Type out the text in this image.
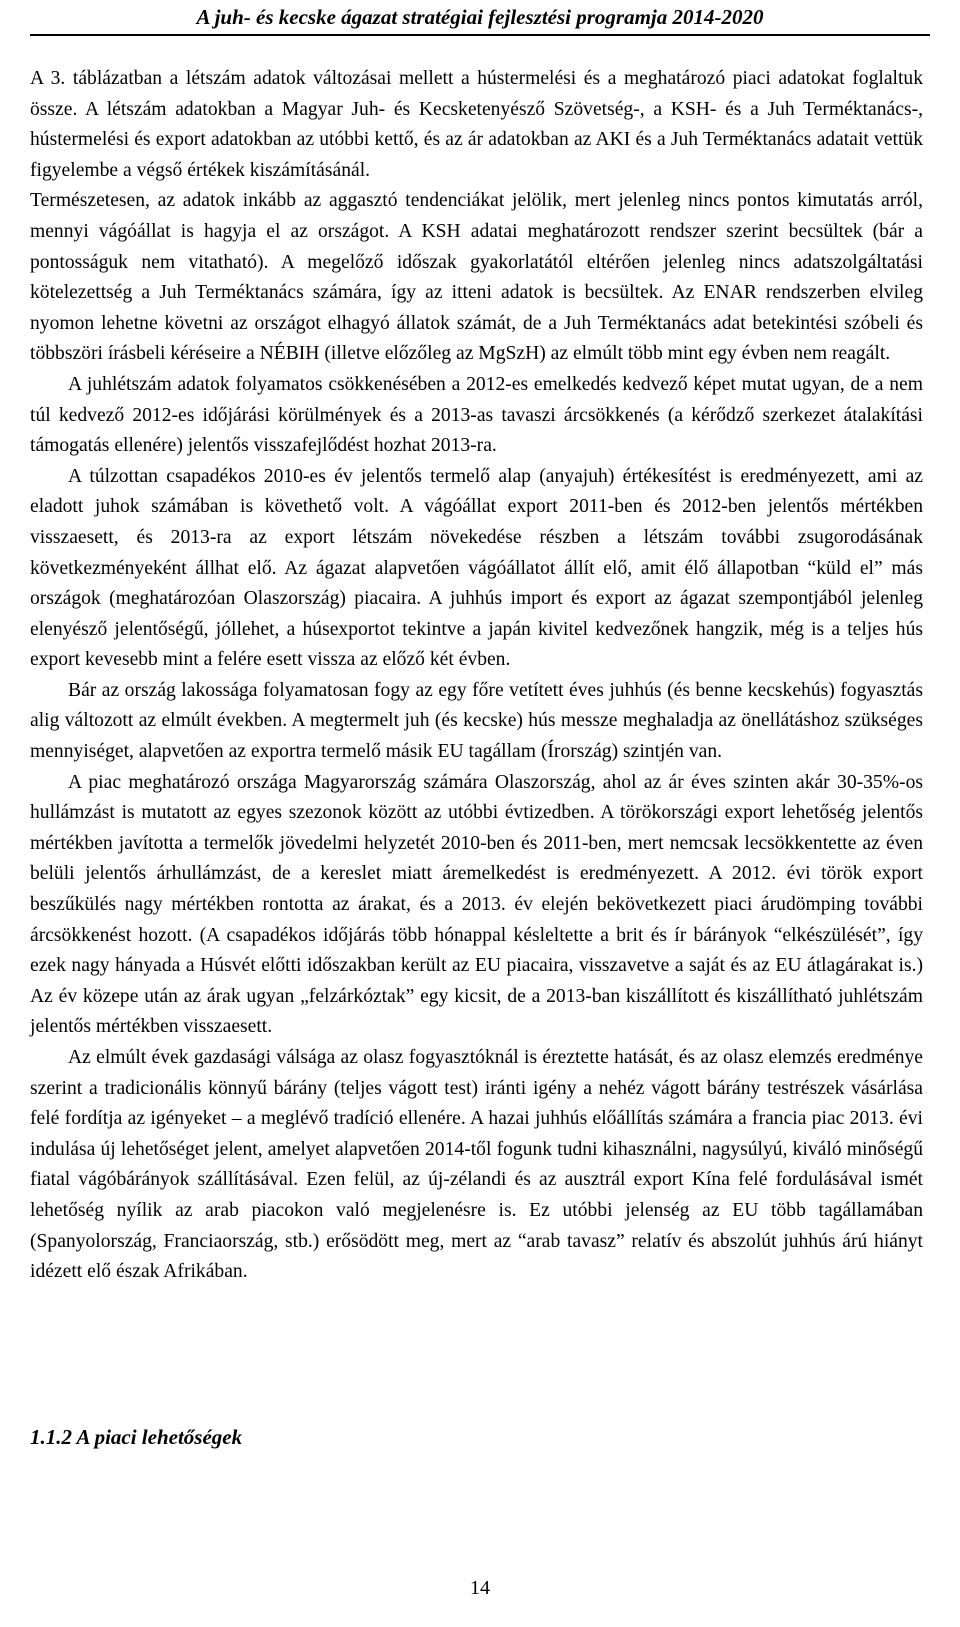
A juh- és kecske ágazat stratégiai fejlesztési programja 2014-2020

A 3. táblázatban a létszám adatok változásai mellett a hústermelési és a meghatározó piaci adatokat foglaltuk össze. A létszám adatokban a Magyar Juh- és Kecsketenyésző Szövetség-, a KSH- és a Juh Terméktanács-, hústermelési és export adatokban az utóbbi kettő, és az ár adatokban az AKI és a Juh Terméktanács adatait vettük figyelembe a végső értékek kiszámításánál.

Természetesen, az adatok inkább az aggasztó tendenciákat jelölik, mert jelenleg nincs pontos kimutatás arról, mennyi vágóállat is hagyja el az országot. A KSH adatai meghatározott rendszer szerint becsültek (bár a pontosságuk nem vitatható). A megelőző időszak gyakorlatától eltérően jelenleg nincs adatszolgáltatási kötelezettség a Juh Terméktanács számára, így az itteni adatok is becsültek. Az ENAR rendszerben elvileg nyomon lehetne követni az országot elhagyó állatok számát, de a Juh Terméktanács adat betekintési szóbeli és többszöri írásbeli kéréseire a NÉBIH (illetve előzőleg az MgSzH) az elmúlt több mint egy évben nem reagált.

A juhlétszám adatok folyamatos csökkenésében a 2012-es emelkedés kedvező képet mutat ugyan, de a nem túl kedvező 2012-es időjárási körülmények és a 2013-as tavaszi árcsökkenés (a kérődző szerkezet átalakítási támogatás ellenére) jelentős visszafejlődést hozhat 2013-ra.

A túlzottan csapadékos 2010-es év jelentős termelő alap (anyajuh) értékesítést is eredményezett, ami az eladott juhok számában is követhető volt. A vágóállat export 2011-ben és 2012-ben jelentős mértékben visszaesett, és 2013-ra az export létszám növekedése részben a létszám további zsugorodásának következményeként állhat elő. Az ágazat alapvetően vágóállatot állít elő, amit élő állapotban “küld el” más országok (meghatározóan Olaszország) piacaira. A juhhús import és export az ágazat szempontjából jelenleg elenyésző jelentőségű, jóllehet, a húsexportot tekintve a japán kivitel kedvezőnek hangzik, még is a teljes hús export kevesebb mint a felére esett vissza az előző két évben.

Bár az ország lakossága folyamatosan fogy az egy főre vetített éves juhhús (és benne kecskehús) fogyasztás alig változott az elmúlt években. A megtermelt juh (és kecske) hús messze meghaladja az önellátáshoz szükséges mennyiséget, alapvetően az exportra termelő másik EU tagállam (Írország) szintjén van.

A piac meghatározó országa Magyarország számára Olaszország, ahol az ár éves szinten akár 30-35%-os hullámzást is mutatott az egyes szezonok között az utóbbi évtizedben. A törökországi export lehetőség jelentős mértékben javította a termelők jövedelmi helyzetét 2010-ben és 2011-ben, mert nemcsak lecsökkentette az éven belüli jelentős árhullámzást, de a kereslet miatt áremelkedést is eredményezett. A 2012. évi török export beszűkülés nagy mértékben rontotta az árakat, és a 2013. év elején bekövetkezett piaci árudömping további árcsökkenést hozott. (A csapadékos időjárás több hónappal késleltette a brit és ír bárányok “elkészülését”, így ezek nagy hányada a Húsvét előtti időszakban került az EU piacaira, visszavetve a saját és az EU átlagárakat is.) Az év közepe után az árak ugyan „felzárkóztak” egy kicsit, de a 2013-ban kiszállított és kiszállítható juhlétszám jelentős mértékben visszaesett.

Az elmúlt évek gazdasági válsága az olasz fogyasztóknál is éreztette hatását, és az olasz elemzés eredménye szerint a tradicionális könnyű bárány (teljes vágott test) iránti igény a nehéz vágott bárány testrészek vásárlása felé fordítja az igényeket – a meglévő tradíció ellenére. A hazai juhhús előállítás számára a francia piac 2013. évi indulása új lehetőséget jelent, amelyet alapvetően 2014-től fogunk tudni kihasználni, nagysúlyú, kiváló minőségű fiatal vágóbárányok szállításával. Ezen felül, az új-zélandi és az ausztrál export Kína felé fordulásával ismét lehetőség nyílik az arab piacokon való megjelenésre is. Ez utóbbi jelenség az EU több tagállamában (Spanyolország, Franciaország, stb.) erősödött meg, mert az “arab tavasz” relatív és abszolút juhhús árú hiányt idézett elő észak Afrikában.

1.1.2 A piaci lehetőségek
14
